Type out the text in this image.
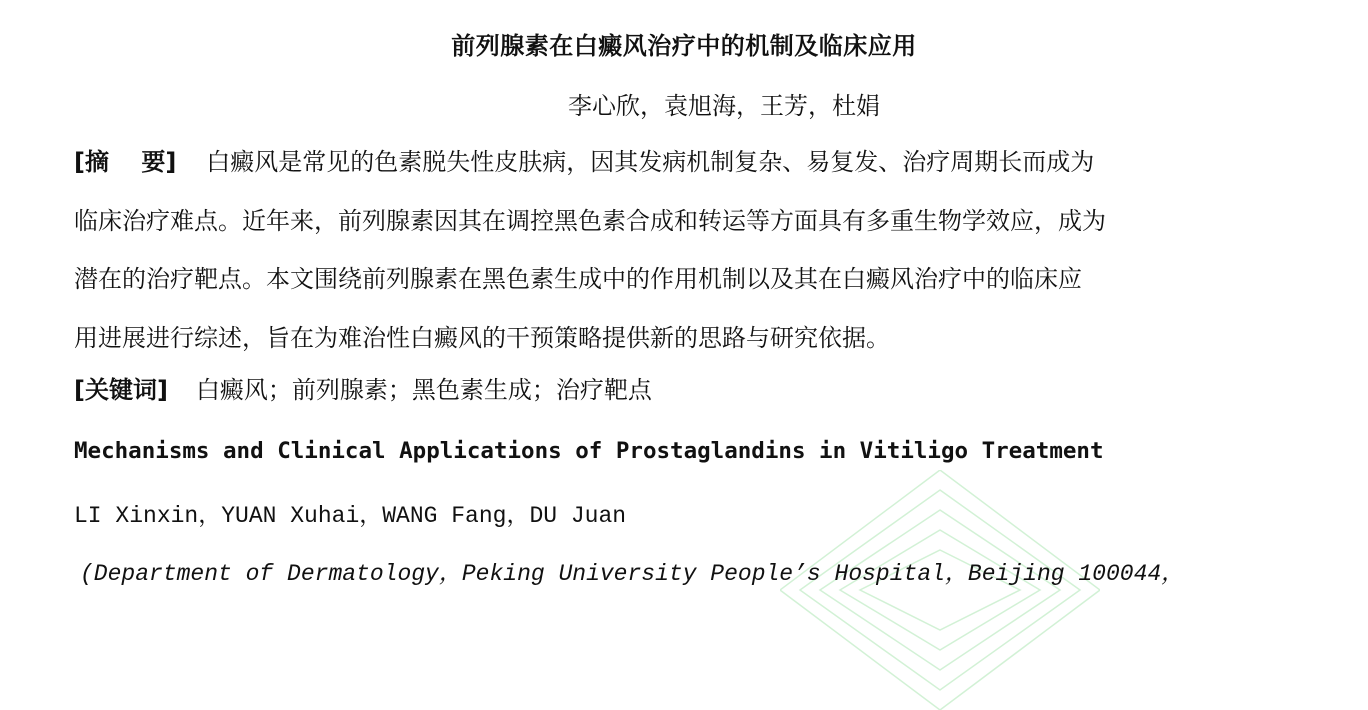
前列腺素在白癜风治疗中的机制及临床应用
李心欣，袁旭海，王芳，杜娟
[摘　 要] 白癜风是常见的色素脱失性皮肤病，因其发病机制复杂、易复发、治疗周期长而成为
临床治疗难点。近年来，前列腺素因其在调控黑色素合成和转运等方面具有多重生物学效应，成为
潜在的治疗靶点。本文围绕前列腺素在黑色素生成中的作用机制以及其在白癜风治疗中的临床应
用进展进行综述，旨在为难治性白癜风的干预策略提供新的思路与研究依据。
[关键词] 白癜风；前列腺素；黑色素生成；治疗靶点
Mechanisms and Clinical Applications of Prostaglandins in Vitiligo Treatment
LI Xinxin，YUAN Xuhai，WANG Fang，DU Juan
(Department of Dermatology，Peking University People’s Hospital，Beijing 100044，
